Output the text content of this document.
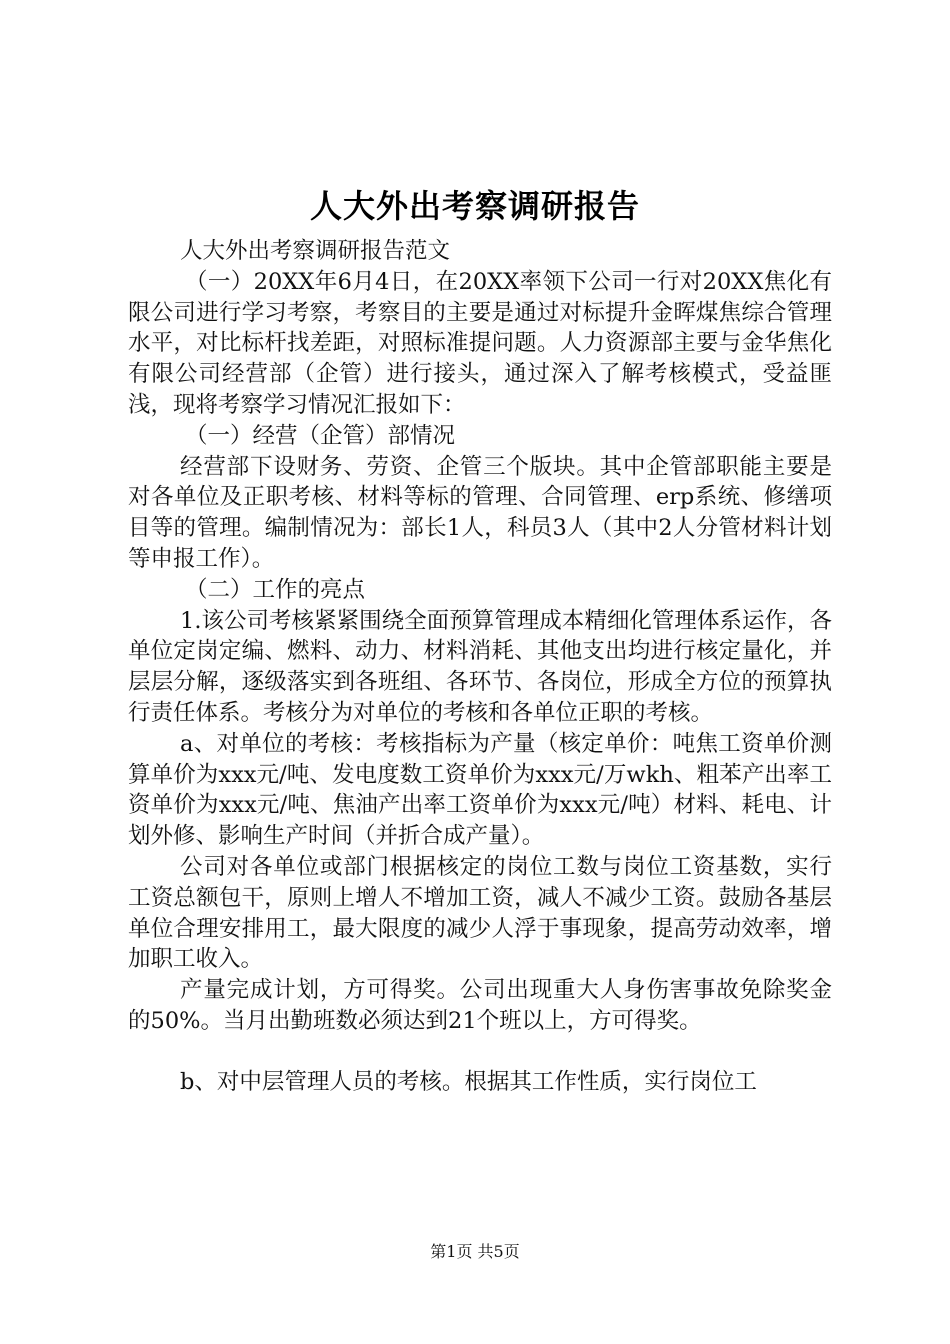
人大外出考察调研报告

人大外出考察调研报告范文

（一）20XX年6月4日，在20XX率领下公司一行对20XX焦化有限公司进行学习考察，考察目的主要是通过对标提升金晖煤焦综合管理水平，对比标杆找差距，对照标准提问题。人力资源部主要与金华焦化有限公司经营部（企管）进行接头，通过深入了解考核模式，受益匪浅，现将考察学习情况汇报如下：

（一）经营（企管）部情况

经营部下设财务、劳资、企管三个版块。其中企管部职能主要是对各单位及正职考核、材料等标的管理、合同管理、erp系统、修缮项目等的管理。编制情况为：部长1人，科员3人（其中2人分管材料计划等申报工作）。

（二）工作的亮点

1.该公司考核紧紧围绕全面预算管理成本精细化管理体系运作，各单位定岗定编、燃料、动力、材料消耗、其他支出均进行核定量化，并层层分解，逐级落实到各班组、各环节、各岗位，形成全方位的预算执行责任体系。考核分为对单位的考核和各单位正职的考核。

a、对单位的考核：考核指标为产量（核定单价：吨焦工资单价测算单价为xxx元/吨、发电度数工资单价为xxx元/万wkh、粗苯产出率工资单价为xxx元/吨、焦油产出率工资单价为xxx元/吨）材料、耗电、计划外修、影响生产时间（并折合成产量）。

公司对各单位或部门根据核定的岗位工数与岗位工资基数，实行工资总额包干，原则上增人不增加工资，减人不减少工资。鼓励各基层单位合理安排用工，最大限度的减少人浮于事现象，提高劳动效率，增加职工收入。

产量完成计划，方可得奖。公司出现重大人身伤害事故免除奖金的50%。当月出勤班数必须达到21个班以上，方可得奖。

b、对中层管理人员的考核。根据其工作性质，实行岗位工

第1页 共5页
